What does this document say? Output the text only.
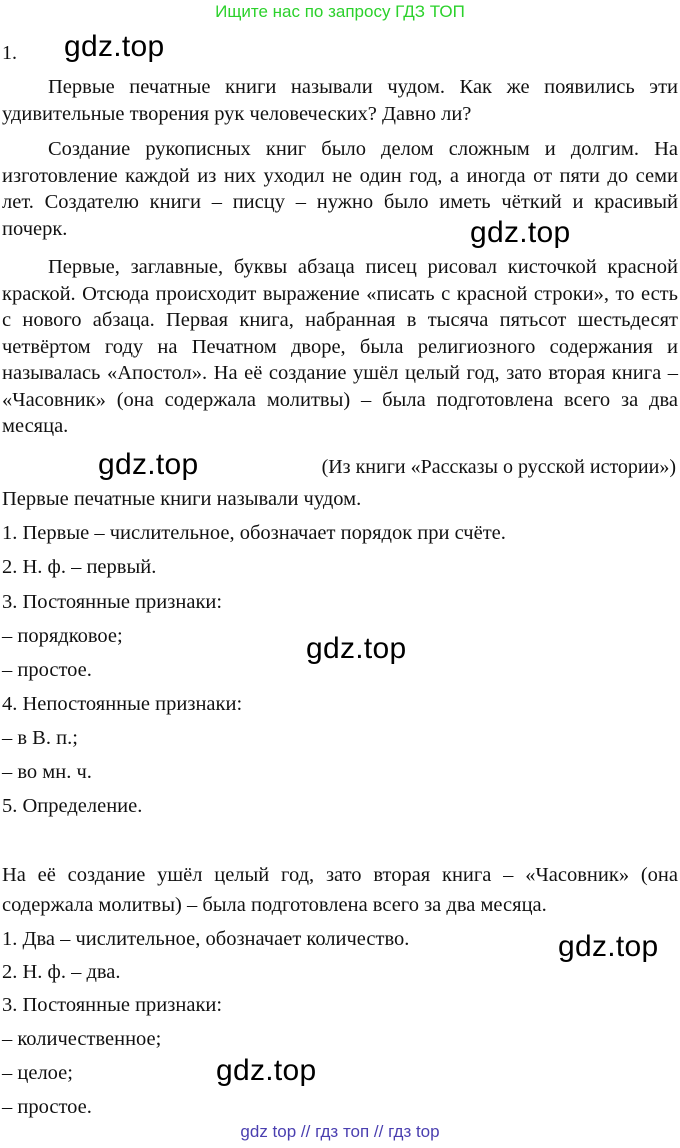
Ищите нас по запросу ГДЗ ТОП
1. gdz.top
gdz.top
gdz.top
gdz.top
gdz.top
gdz.top

Первые печатные книги называли чудом. Как же появились эти удивительные творения рук человеческих? Давно ли?

Создание рукописных книг было делом сложным и долгим. На изготовление каждой из них уходил не один год, а иногда от пяти до семи лет. Создателю книги – писцу – нужно было иметь чёткий и красивый почерк.

Первые, заглавные, буквы абзаца писец рисовал кисточкой красной краской. Отсюда происходит выражение «писать с красной строки», то есть с нового абзаца. Первая книга, набранная в тысяча пятьсот шестьдесят четвёртом году на Печатном дворе, была религиозного содержания и называлась «Апостол». На её создание ушёл целый год, зато вторая книга – «Часовник» (она содержала молитвы) – была подготовлена всего за два месяца.

(Из книги «Рассказы о русской истории»)
Первые печатные книги называли чудом.
1. Первые – числительное, обозначает порядок при счёте.
2. Н. ф. – первый.
3. Постоянные признаки:
– порядковое;
– простое.
4. Непостоянные признаки:
– в В. п.;
– во мн. ч.
5. Определение.
На её создание ушёл целый год, зато вторая книга – «Часовник» (она содержала молитвы) – была подготовлена всего за два месяца.
1. Два – числительное, обозначает количество.
2. Н. ф. – два.
3. Постоянные признаки:
– количественное;
– целое;
– простое.
gdz top // гдз топ // гдз top
